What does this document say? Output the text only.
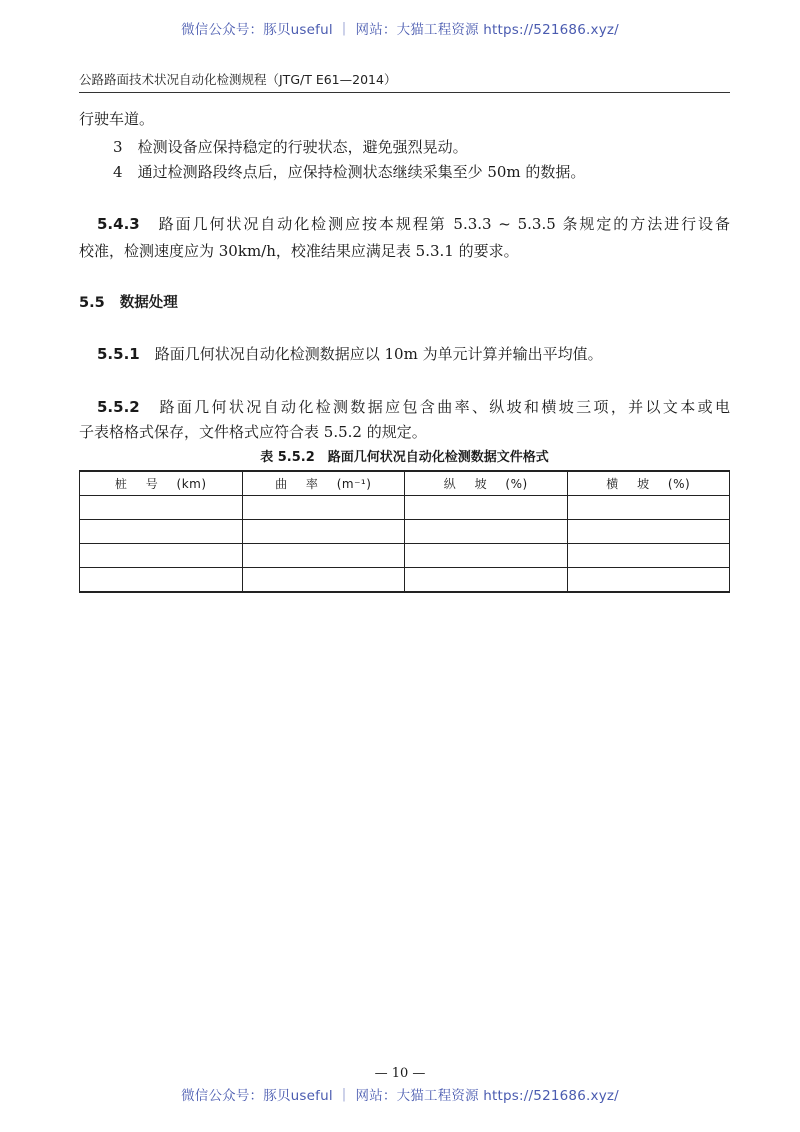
微信公众号：豚贝useful ｜ 网站：大猫工程资源 https://521686.xyz/
公路路面技术状况自动化检测规程（JTG/T E61—2014）
行驶车道。
3　 检测设备应保持稳定的行驶状态，避免强烈晃动。
4　 通过检测路段终点后，应保持检测状态继续采集至少 50m 的数据。
5.4.3　 路面几何状况自动化检测应按本规程第 5.3.3 ~ 5.3.5 条规定的方法进行设备
校准，检测速度应为 30km/h，校准结果应满足表 5.3.1 的要求。
5.5　 数据处理
5.5.1　 路面几何状况自动化检测数据应以 10m 为单元计算并输出平均值。
5.5.2　 路面几何状况自动化检测数据应包含曲率、纵坡和横坡三项，并以文本或电
子表格格式保存，文件格式应符合表 5.5.2 的规定。
表 5.5.2　路面几何状况自动化检测数据文件格式
桩 号 (km)	曲 率 (m⁻¹)	纵 坡 (%)	横 坡 (%)

— 10 —
微信公众号：豚贝useful ｜ 网站：大猫工程资源 https://521686.xyz/
